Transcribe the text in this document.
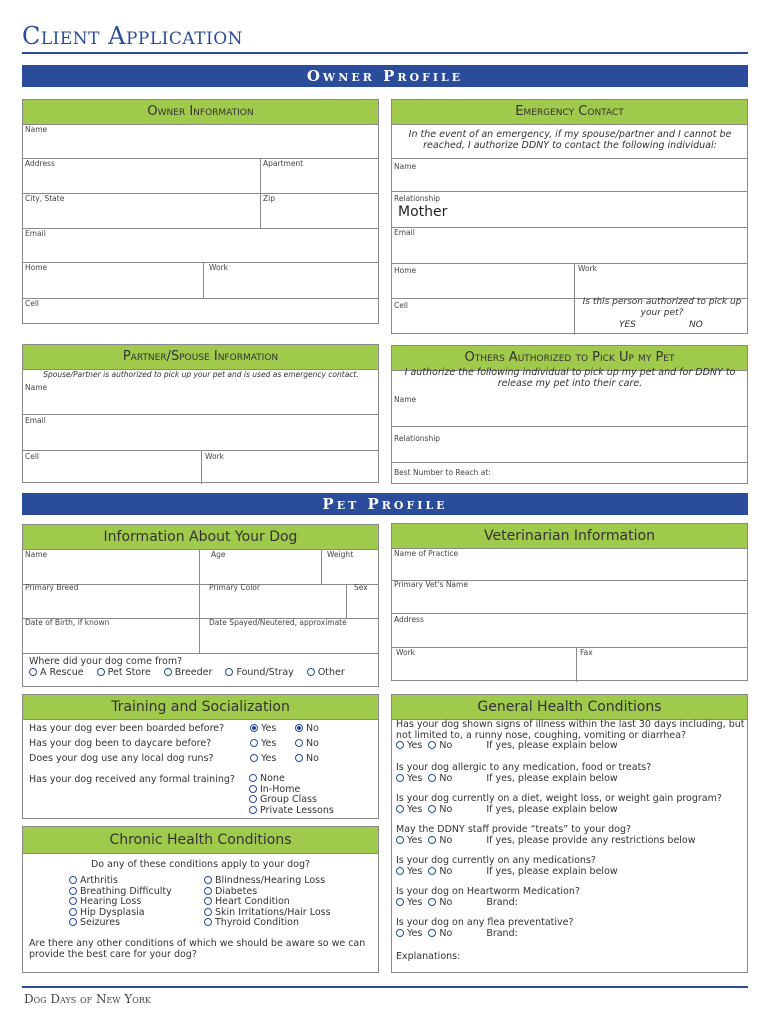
Client Application
Owner Profile
Owner Information
Name
Address	Apartment
City, State	Zip
Email
Home	Work
Cell
Emergency Contact
In the event of an emergency, if my spouse/partner and I cannot be reached, I authorize DDNY to contact the following individual:
Name
Relationship
Mother
Email
Home	Work
Cell	Is this person authorized to pick up your pet?
YES	NO
Partner/Spouse Information
Spouse/Partner is authorized to pick up your pet and is used as emergency contact.
Name
Email
Cell	Work
Others Authorized to Pick Up my Pet
I authorize the following individual to pick up my pet and for DDNY to release my pet into their care.
Name
Relationship
Best Number to Reach at:
Pet Profile
Information About Your Dog
Name	Age	Weight
Primary Breed	Primary Color	Sex
Date of Birth, if known	Date Spayed/Neutered, approximate
Where did your dog come from?
A Rescue	Pet Store	Breeder	Found/Stray	Other
Veterinarian Information
Name of Practice
Primary Vet's Name
Address
Work	Fax
Training and Socialization
Has your dog ever been boarded before?	Yes	No
Has your dog been to daycare before?	Yes	No
Does your dog use any local dog runs?	Yes	No
Has your dog received any formal training?	None
In-Home
Group Class
Private Lessons
Chronic Health Conditions
Do any of these conditions apply to your dog?
Arthritis
Breathing Difficulty
Hearing Loss
Hip Dysplasia
Seizures
Blindness/Hearing Loss
Diabetes
Heart Condition
Skin Irritations/Hair Loss
Thyroid Condition
Are there any other conditions of which we should be aware so we can provide the best care for your dog?
General Health Conditions
Has your dog shown signs of illness within the last 30 days including, but not limited to, a runny nose, coughing, vomiting or diarrhea?
Yes No	If yes, please explain below
Is your dog allergic to any medication, food or treats?
Yes No	If yes, please explain below
Is your dog currently on a diet, weight loss, or weight gain program?
Yes No	If yes, please explain below
May the DDNY staff provide “treats” to your dog?
Yes No	If yes, please provide any restrictions below
Is your dog currently on any medications?
Yes No	If yes, please explain below
Is your dog on Heartworm Medication?
Yes No	Brand:
Is your dog on any flea preventative?
Yes No	Brand:
Explanations:
Dog Days of New York
